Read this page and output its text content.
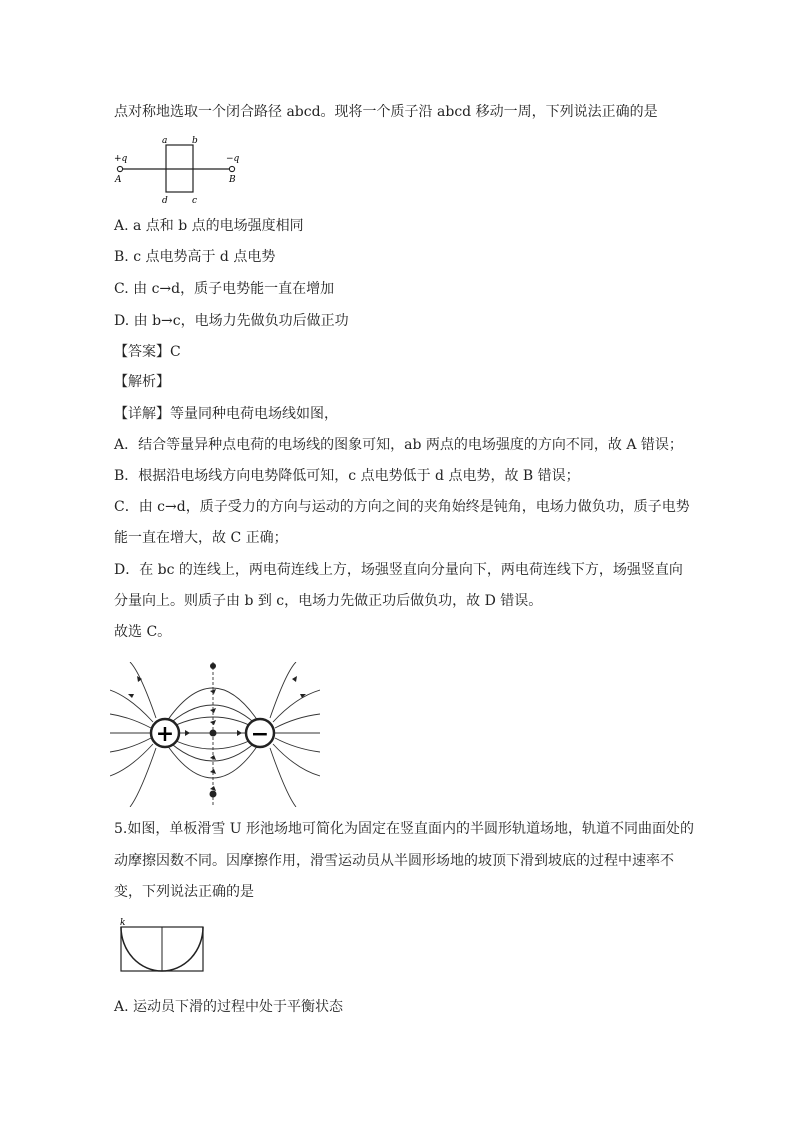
点对称地选取一个闭合路径 abcd。现将一个质子沿 abcd 移动一周，下列说法正确的是
+q	−q
A	B
a	b
d	c
A. a 点和 b 点的电场强度相同
B. c 点电势高于 d 点电势
C. 由 c→d，质子电势能一直在增加
D. 由 b→c，电场力先做负功后做正功
【答案】C
【解析】
【详解】等量同种电荷电场线如图，
A．结合等量异种点电荷的电场线的图象可知，ab 两点的电场强度的方向不同，故 A 错误；
B．根据沿电场线方向电势降低可知，c 点电势低于 d 点电势，故 B 错误；
C．由 c→d，质子受力的方向与运动的方向之间的夹角始终是钝角，电场力做负功，质子电势
能一直在增大，故 C 正确；
D．在 bc 的连线上，两电荷连线上方，场强竖直向分量向下，两电荷连线下方，场强竖直向
分量向上。则质子由 b 到 c，电场力先做正功后做负功，故 D 错误。
故选 C。
+	−
5.如图，单板滑雪 U 形池场地可简化为固定在竖直面内的半圆形轨道场地，轨道不同曲面处的
动摩擦因数不同。因摩擦作用，滑雪运动员从半圆形场地的坡顶下滑到坡底的过程中速率不
变，下列说法正确的是
k
A. 运动员下滑的过程中处于平衡状态
